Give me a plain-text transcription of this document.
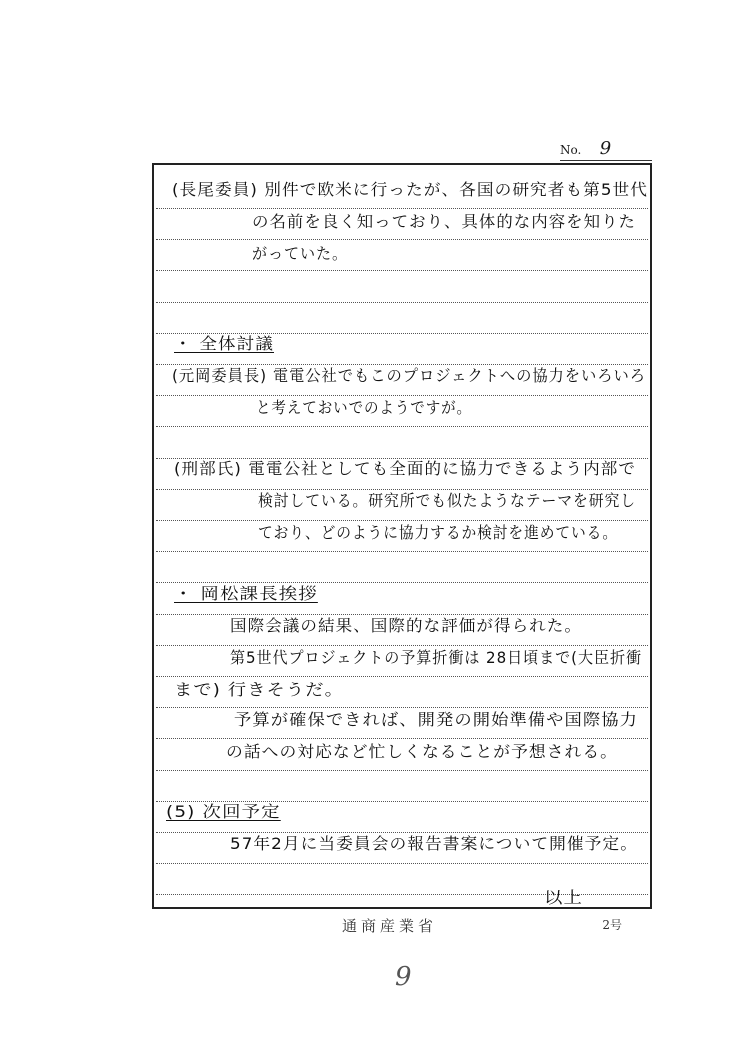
No. 9
(長尾委員) 別件で欧米に行ったが、各国の研究者も第5世代
の名前を良く知っており、具体的な内容を知りた
がっていた。
・ 全体討議
(元岡委員長) 電電公社でもこのプロジェクトへの協力をいろいろ
と考えておいでのようですが。
(刑部氏) 電電公社としても全面的に協力できるよう内部で
検討している。研究所でも似たようなテーマを研究し
ており、どのように協力するか検討を進めている。
・ 岡松課長挨拶
国際会議の結果、国際的な評価が得られた。
第5世代プロジェクトの予算折衝は 28日頃まで(大臣折衝
まで) 行きそうだ。
予算が確保できれば、開発の開始準備や国際協力
の話への対応など忙しくなることが予想される。
(5) 次回予定
57年2月に当委員会の報告書案について開催予定。
以上
通商産業省	2号
9
